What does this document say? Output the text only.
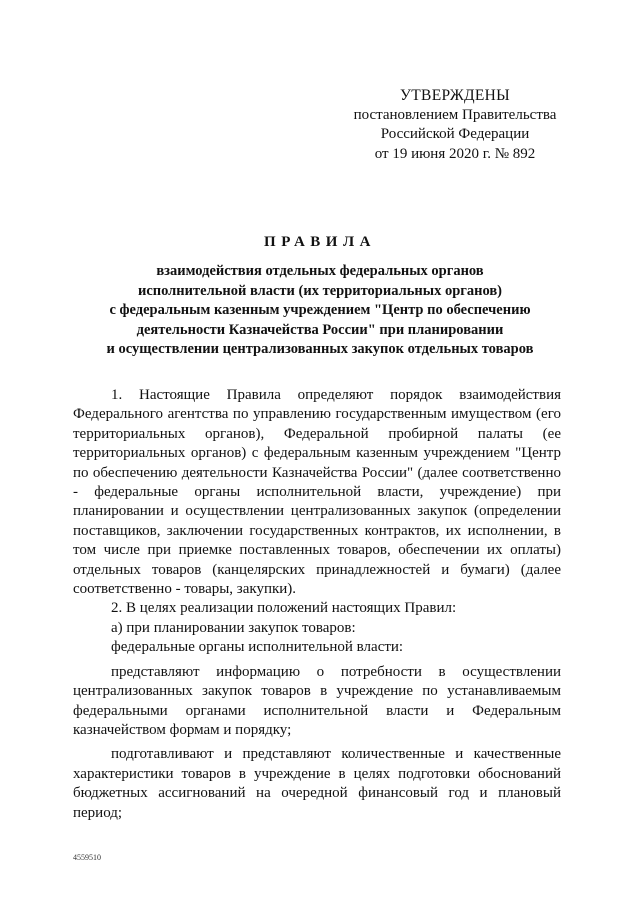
УТВЕРЖДЕНЫ
постановлением Правительства
Российской Федерации
от 19 июня 2020 г. № 892
ПРАВИЛА
взаимодействия отдельных федеральных органов
исполнительной власти (их территориальных органов)
с федеральным казенным учреждением "Центр по обеспечению
деятельности Казначейства России" при планировании
и осуществлении централизованных закупок отдельных товаров

1. Настоящие Правила определяют порядок взаимодействия Федерального агентства по управлению государственным имуществом (его территориальных органов), Федеральной пробирной палаты (ее территориальных органов) с федеральным казенным учреждением "Центр по обеспечению деятельности Казначейства России" (далее соответственно - федеральные органы исполнительной власти, учреждение) при планировании и осуществлении централизованных закупок (определении поставщиков, заключении государственных контрактов, их исполнении, в том числе при приемке поставленных товаров, обеспечении их оплаты) отдельных товаров (канцелярских принадлежностей и бумаги) (далее соответственно - товары, закупки).

2. В целях реализации положений настоящих Правил:

а) при планировании закупок товаров:

федеральные органы исполнительной власти:

представляют информацию о потребности в осуществлении централизованных закупок товаров в учреждение по устанавливаемым федеральными органами исполнительной власти и Федеральным казначейством формам и порядку;

подготавливают и представляют количественные и качественные характеристики товаров в учреждение в целях подготовки обоснований бюджетных ассигнований на очередной финансовый год и плановый период;

4559510
